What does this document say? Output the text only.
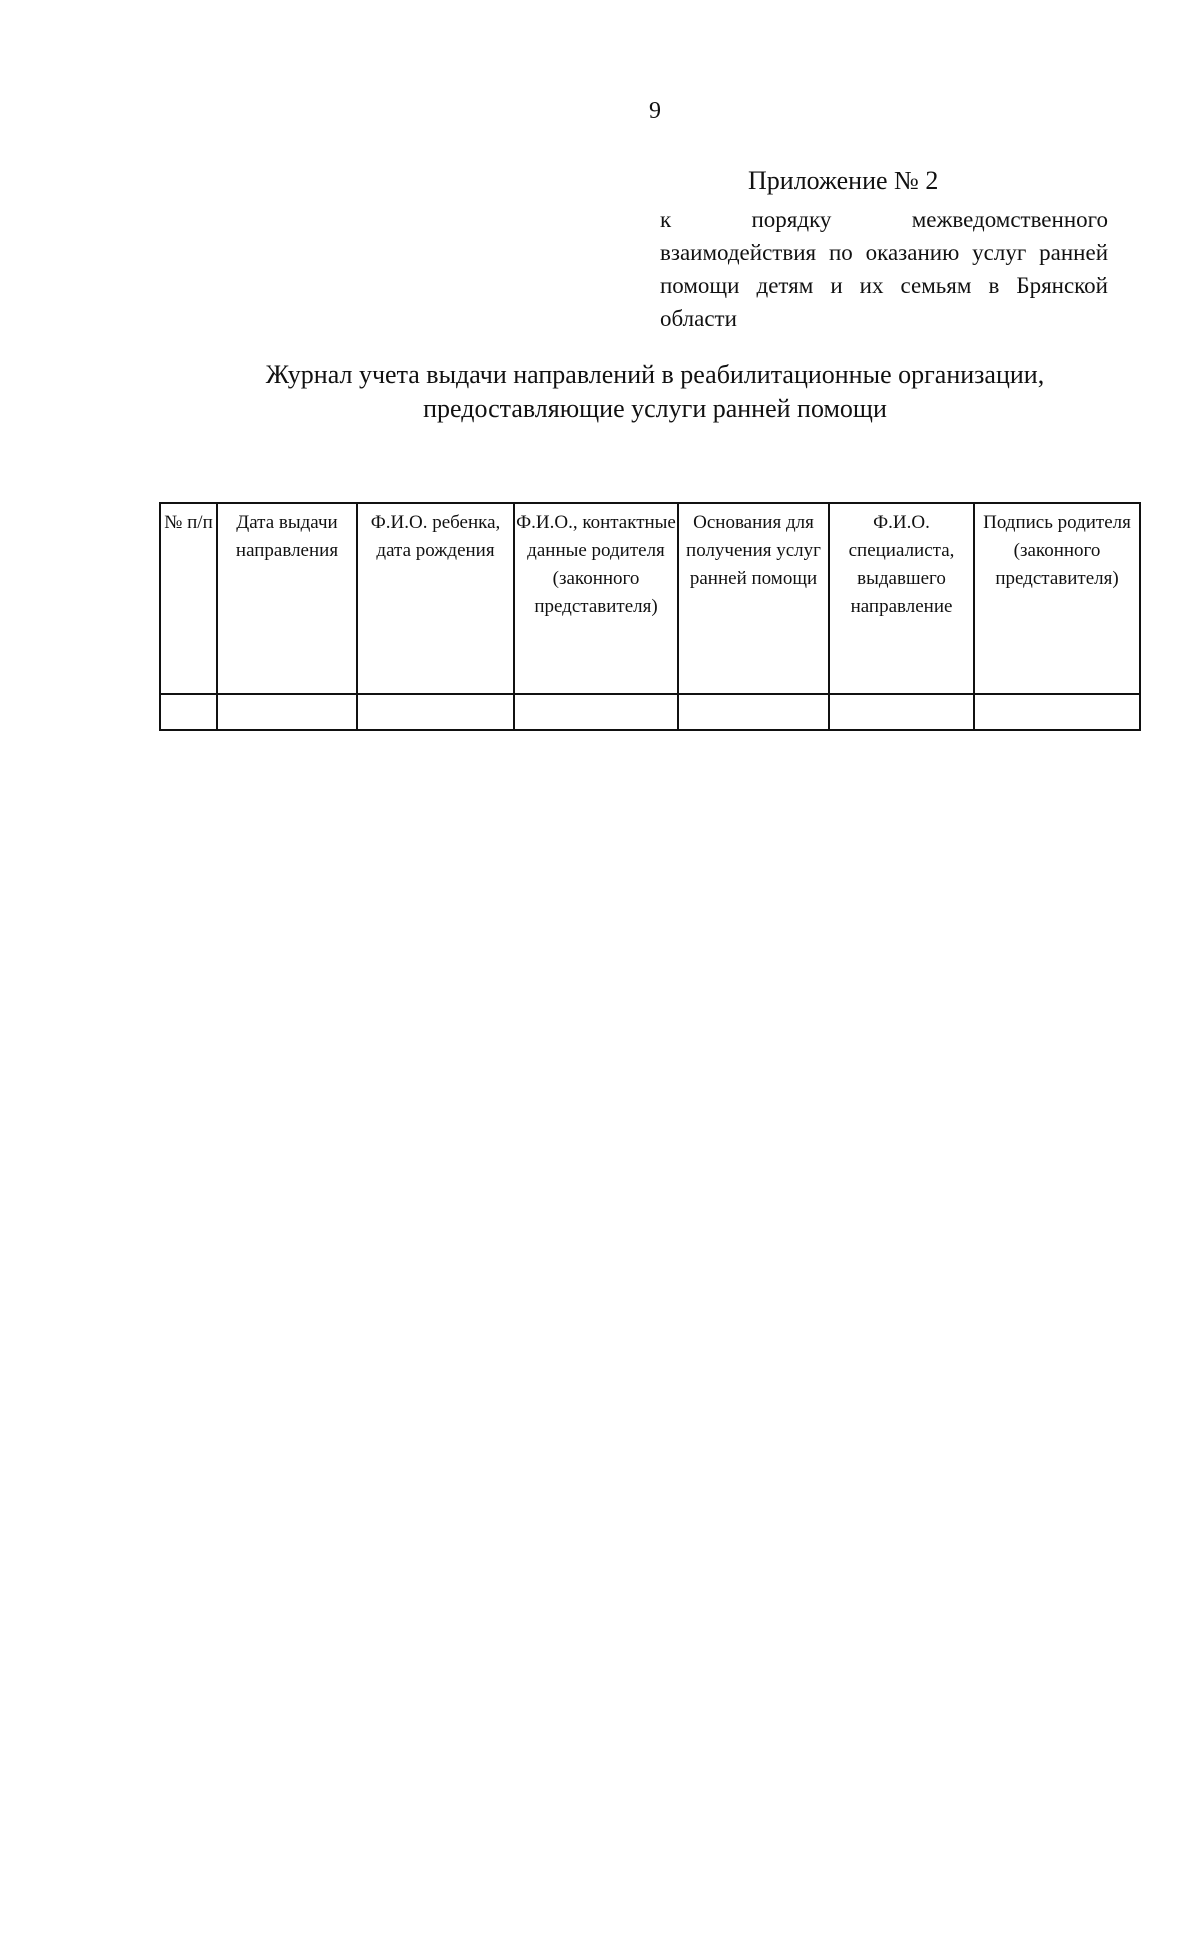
9
Приложение № 2
к порядку межведомственного взаимодействия по оказанию услуг ранней помощи детям и их семьям в Брянской области
Журнал учета выдачи направлений в реабилитационные организации,
предоставляющие услуги ранней помощи
№ п/п	Дата выдачи направления	Ф.И.О. ребенка, дата рождения	Ф.И.О., контактные данные родителя (законного представителя)	Основания для получения услуг ранней помощи	Ф.И.О. специалиста, выдавшего направление	Подпись родителя (законного представителя)
